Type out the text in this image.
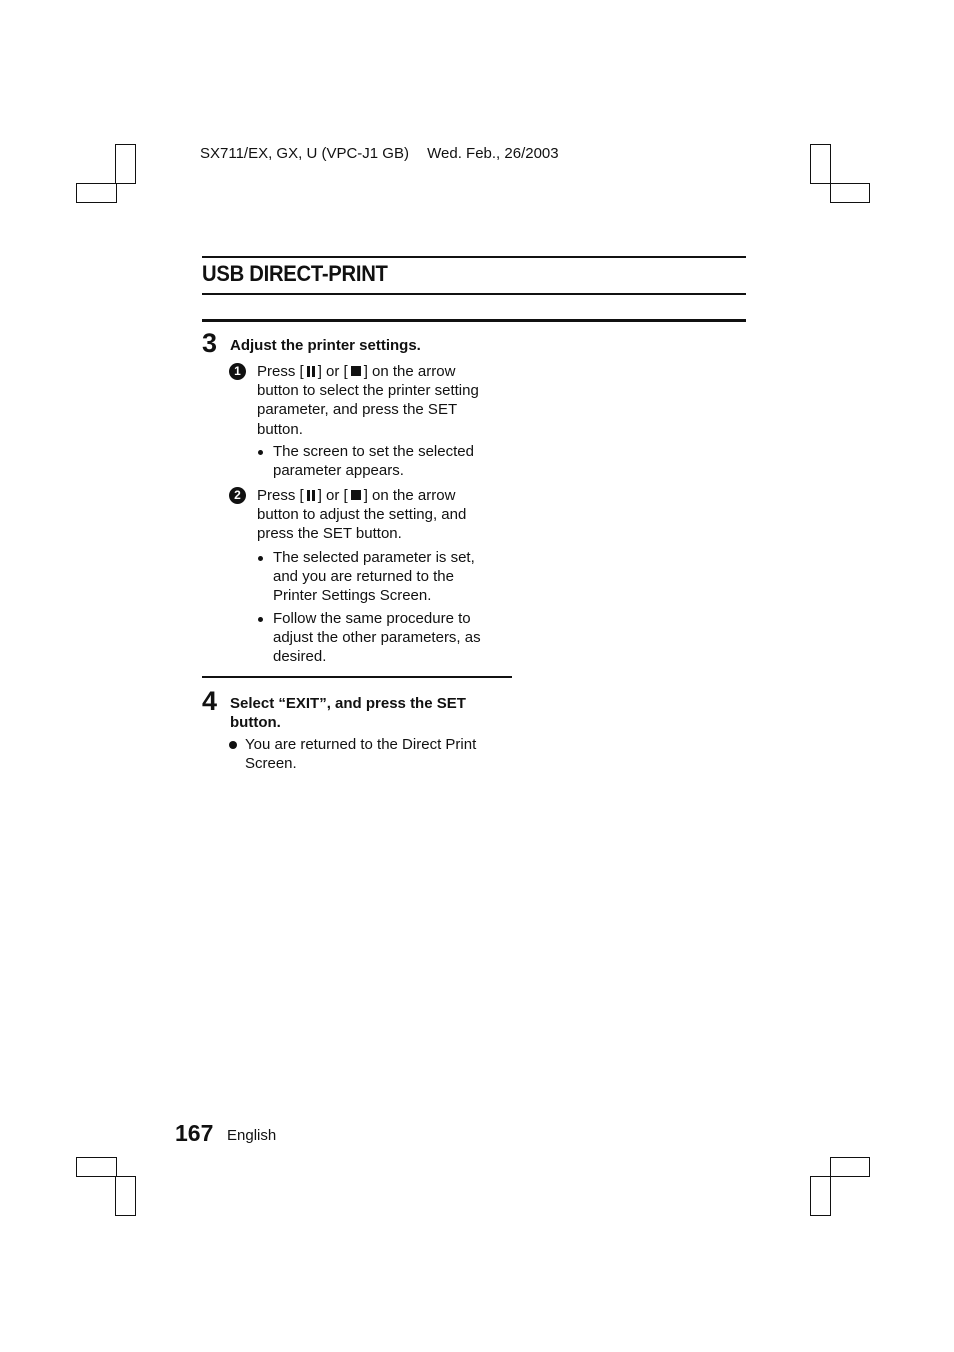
SX711/EX, GX, U (VPC-J1 GB) Wed. Feb., 26/2003
USB DIRECT-PRINT
3 Adjust the printer settings.
1	Press [ ] or [ ] on the arrow
button to select the printer setting
parameter, and press the SET
button.
The screen to set the selected
parameter appears.
2	Press [ ] or [ ] on the arrow
button to adjust the setting, and
press the SET button.
The selected parameter is set,
and you are returned to the
Printer Settings Screen.
Follow the same procedure to
adjust the other parameters, as
desired.
4 Select “EXIT”, and press the SET
button.
You are returned to the Direct Print
Screen.
167 English
